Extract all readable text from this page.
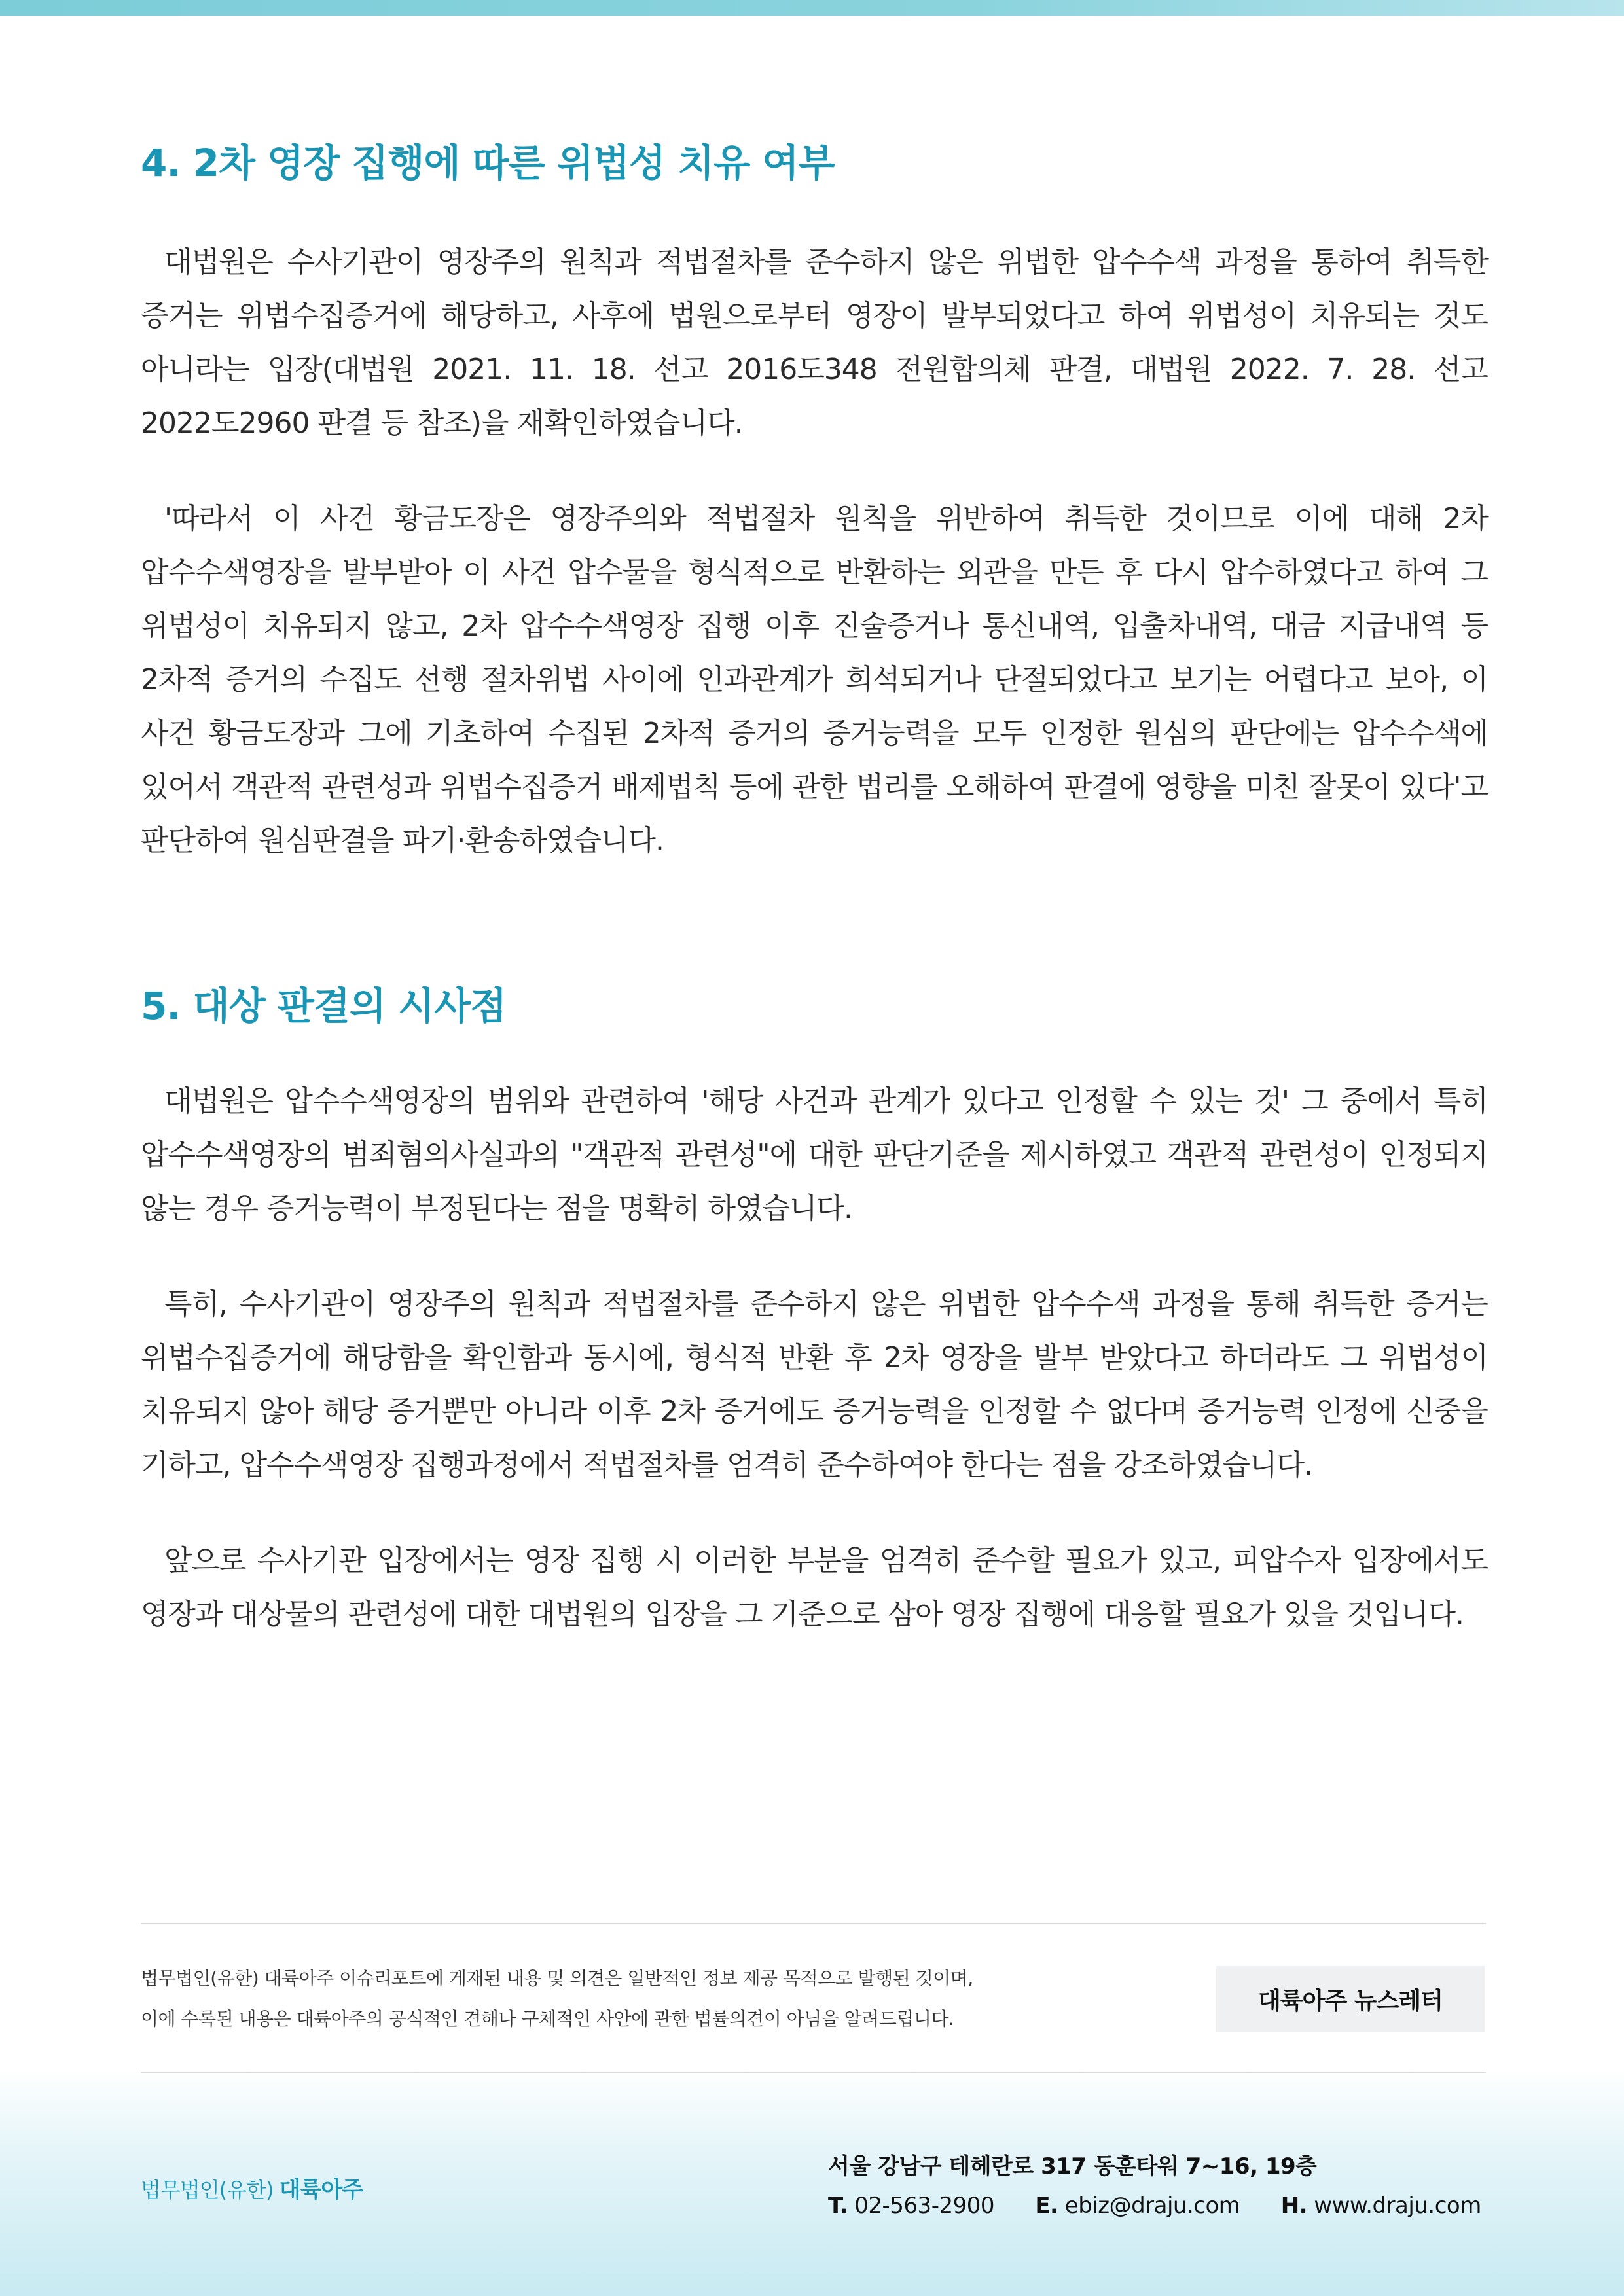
4. 2차 영장 집행에 따른 위법성 치유 여부

대법원은 수사기관이 영장주의 원칙과 적법절차를 준수하지 않은 위법한 압수수색 과정을 통하여 취득한 증거는 위법수집증거에 해당하고, 사후에 법원으로부터 영장이 발부되었다고 하여 위법성이 치유되는 것도 아니라는 입장(대법원 2021. 11. 18. 선고 2016도348 전원합의체 판결, 대법원 2022. 7. 28. 선고 2022도2960 판결 등 참조)을 재확인하였습니다.

'따라서 이 사건 황금도장은 영장주의와 적법절차 원칙을 위반하여 취득한 것이므로 이에 대해 2차 압수수색영장을 발부받아 이 사건 압수물을 형식적으로 반환하는 외관을 만든 후 다시 압수하였다고 하여 그 위법성이 치유되지 않고, 2차 압수수색영장 집행 이후 진술증거나 통신내역, 입출차내역, 대금 지급내역 등 2차적 증거의 수집도 선행 절차위법 사이에 인과관계가 희석되거나 단절되었다고 보기는 어렵다고 보아, 이 사건 황금도장과 그에 기초하여 수집된 2차적 증거의 증거능력을 모두 인정한 원심의 판단에는 압수수색에 있어서 객관적 관련성과 위법수집증거 배제법칙 등에 관한 법리를 오해하여 판결에 영향을 미친 잘못이 있다'고 판단하여 원심판결을 파기·환송하였습니다.

5. 대상 판결의 시사점

대법원은 압수수색영장의 범위와 관련하여 '해당 사건과 관계가 있다고 인정할 수 있는 것' 그 중에서 특히 압수수색영장의 범죄혐의사실과의 "객관적 관련성"에 대한 판단기준을 제시하였고 객관적 관련성이 인정되지 않는 경우 증거능력이 부정된다는 점을 명확히 하였습니다.

특히, 수사기관이 영장주의 원칙과 적법절차를 준수하지 않은 위법한 압수수색 과정을 통해 취득한 증거는 위법수집증거에 해당함을 확인함과 동시에, 형식적 반환 후 2차 영장을 발부 받았다고 하더라도 그 위법성이 치유되지 않아 해당 증거뿐만 아니라 이후 2차 증거에도 증거능력을 인정할 수 없다며 증거능력 인정에 신중을 기하고, 압수수색영장 집행과정에서 적법절차를 엄격히 준수하여야 한다는 점을 강조하였습니다.

앞으로 수사기관 입장에서는 영장 집행 시 이러한 부분을 엄격히 준수할 필요가 있고, 피압수자 입장에서도 영장과 대상물의 관련성에 대한 대법원의 입장을 그 기준으로 삼아 영장 집행에 대응할 필요가 있을 것입니다.

법무법인(유한) 대륙아주 이슈리포트에 게재된 내용 및 의견은 일반적인 정보 제공 목적으로 발행된 것이며,
이에 수록된 내용은 대륙아주의 공식적인 견해나 구체적인 사안에 관한 법률의견이 아님을 알려드립니다.
대륙아주 뉴스레터
법무법인(유한) 대륙아주
서울 강남구 테헤란로 317 동훈타워 7~16, 19층
T. 02-563-2900 E. ebiz@draju.com H. www.draju.com
